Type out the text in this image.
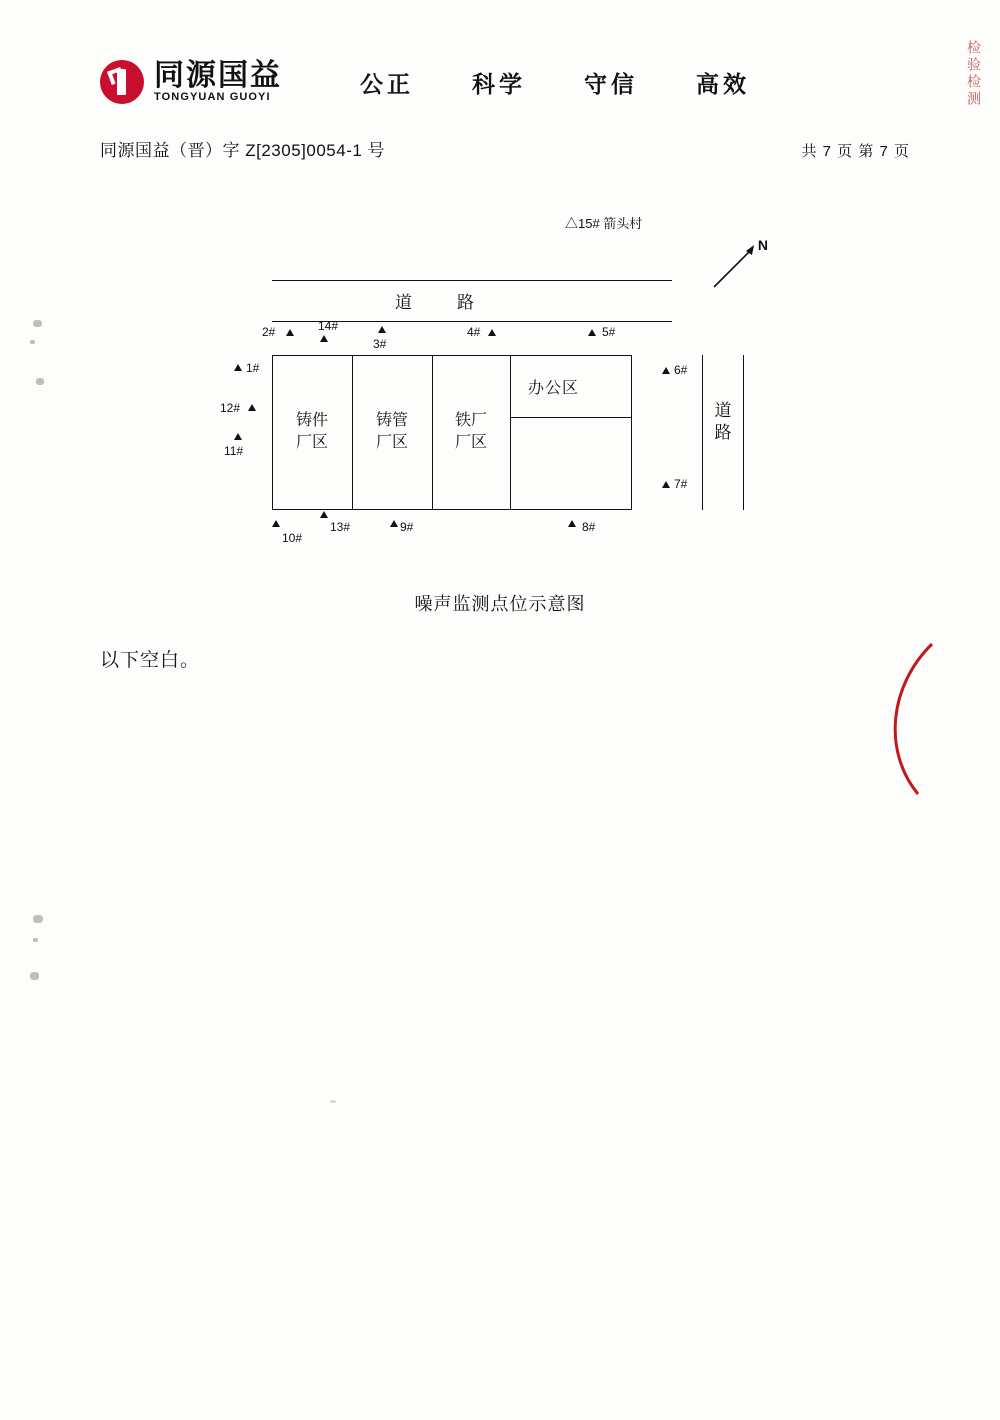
同源国益
TONGYUAN GUOYI	公正	科学	守信	高效
同源国益（晋）字 Z[2305]0054-1 号	共 7 页 第 7 页
△15# 箭头村
N
道　路
道路
铸件
厂区
铸管
厂区
铁厂
厂区
办公区
2#	14#
3#
4#	5#
1#
12#
11#
6#
7#
13#
10#
9#	8#
噪声监测点位示意图
以下空白。
检验检测
